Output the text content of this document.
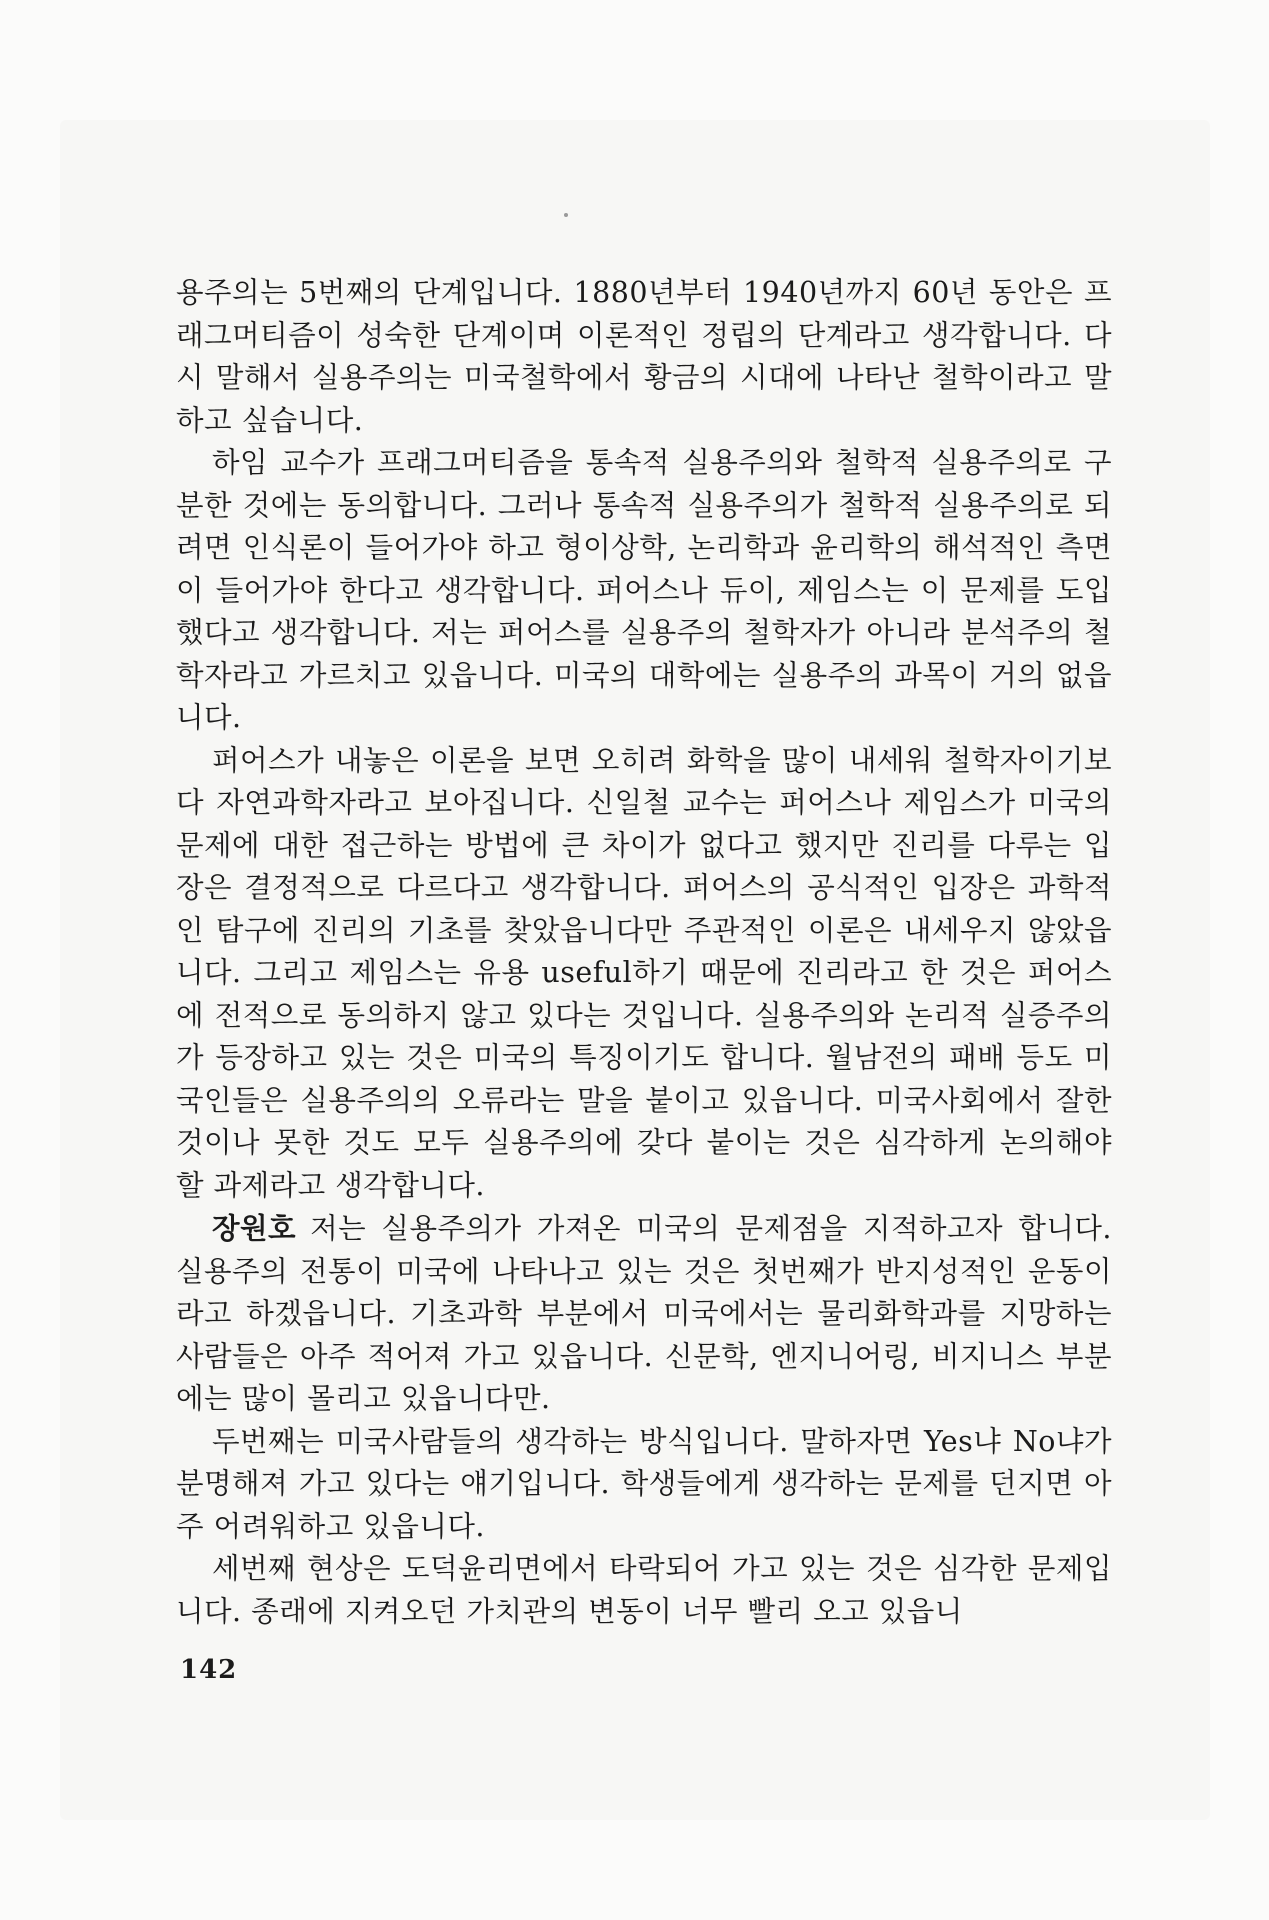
용주의는 5번째의 단계입니다. 1880년부터 1940년까지 60년 동안은 프래그머티즘이 성숙한 단계이며 이론적인 정립의 단계라고 생각합니다. 다시 말해서 실용주의는 미국철학에서 황금의 시대에 나타난 철학이라고 말하고 싶습니다.

하임 교수가 프래그머티즘을 통속적 실용주의와 철학적 실용주의로 구분한 것에는 동의합니다. 그러나 통속적 실용주의가 철학적 실용주의로 되려면 인식론이 들어가야 하고 형이상학, 논리학과 윤리학의 해석적인 측면이 들어가야 한다고 생각합니다. 퍼어스나 듀이, 제임스는 이 문제를 도입했다고 생각합니다. 저는 퍼어스를 실용주의 철학자가 아니라 분석주의 철학자라고 가르치고 있읍니다. 미국의 대학에는 실용주의 과목이 거의 없읍니다.

퍼어스가 내놓은 이론을 보면 오히려 화학을 많이 내세워 철학자이기보다 자연과학자라고 보아집니다. 신일철 교수는 퍼어스나 제임스가 미국의 문제에 대한 접근하는 방법에 큰 차이가 없다고 했지만 진리를 다루는 입장은 결정적으로 다르다고 생각합니다. 퍼어스의 공식적인 입장은 과학적인 탐구에 진리의 기초를 찾았읍니다만 주관적인 이론은 내세우지 않았읍니다. 그리고 제임스는 유용 useful하기 때문에 진리라고 한 것은 퍼어스에 전적으로 동의하지 않고 있다는 것입니다. 실용주의와 논리적 실증주의가 등장하고 있는 것은 미국의 특징이기도 합니다. 월남전의 패배 등도 미국인들은 실용주의의 오류라는 말을 붙이고 있읍니다. 미국사회에서 잘한 것이나 못한 것도 모두 실용주의에 갖다 붙이는 것은 심각하게 논의해야 할 과제라고 생각합니다.

장원호 저는 실용주의가 가져온 미국의 문제점을 지적하고자 합니다. 실용주의 전통이 미국에 나타나고 있는 것은 첫번째가 반지성적인 운동이라고 하겠읍니다. 기초과학 부분에서 미국에서는 물리화학과를 지망하는 사람들은 아주 적어져 가고 있읍니다. 신문학, 엔지니어링, 비지니스 부분에는 많이 몰리고 있읍니다만.

두번째는 미국사람들의 생각하는 방식입니다. 말하자면 Yes냐 No냐가 분명해져 가고 있다는 얘기입니다. 학생들에게 생각하는 문제를 던지면 아주 어려워하고 있읍니다.

세번째 현상은 도덕윤리면에서 타락되어 가고 있는 것은 심각한 문제입니다. 종래에 지켜오던 가치관의 변동이 너무 빨리 오고 있읍니

142
